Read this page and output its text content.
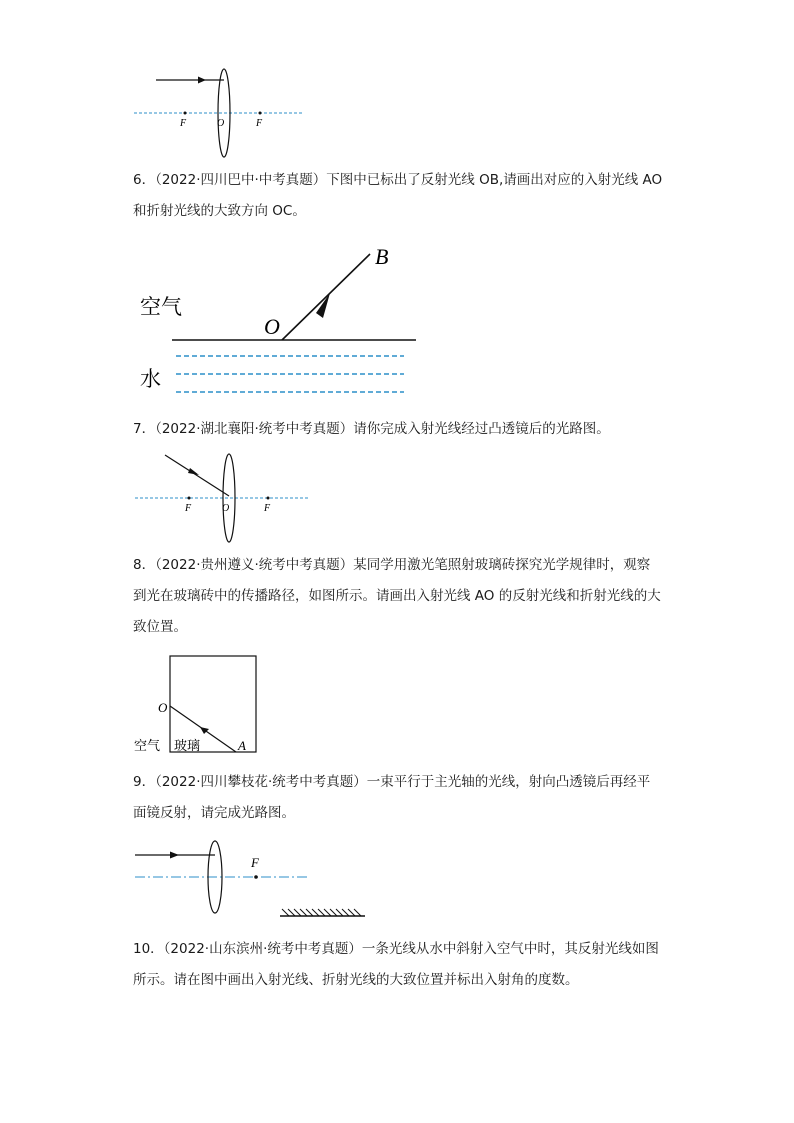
F	O	F
6．（2022·四川巴中·中考真题）下图中已标出了反射光线 OB,请画出对应的入射光线 AO 和折射光线的大致方向 OC。
B
O
空气
水
7．（2022·湖北襄阳·统考中考真题）请你完成入射光线经过凸透镜后的光路图。
F	O	F
8．（2022·贵州遵义·统考中考真题）某同学用激光笔照射玻璃砖探究光学规律时，观察到光在玻璃砖中的传播路径，如图所示。请画出入射光线 AO 的反射光线和折射光线的大致位置。
O
空气 玻璃	A
9．（2022·四川攀枝花·统考中考真题）一束平行于主光轴的光线，射向凸透镜后再经平面镜反射，请完成光路图。
F
10．（2022·山东滨州·统考中考真题）一条光线从水中斜射入空气中时，其反射光线如图所示。请在图中画出入射光线、折射光线的大致位置并标出入射角的度数。
